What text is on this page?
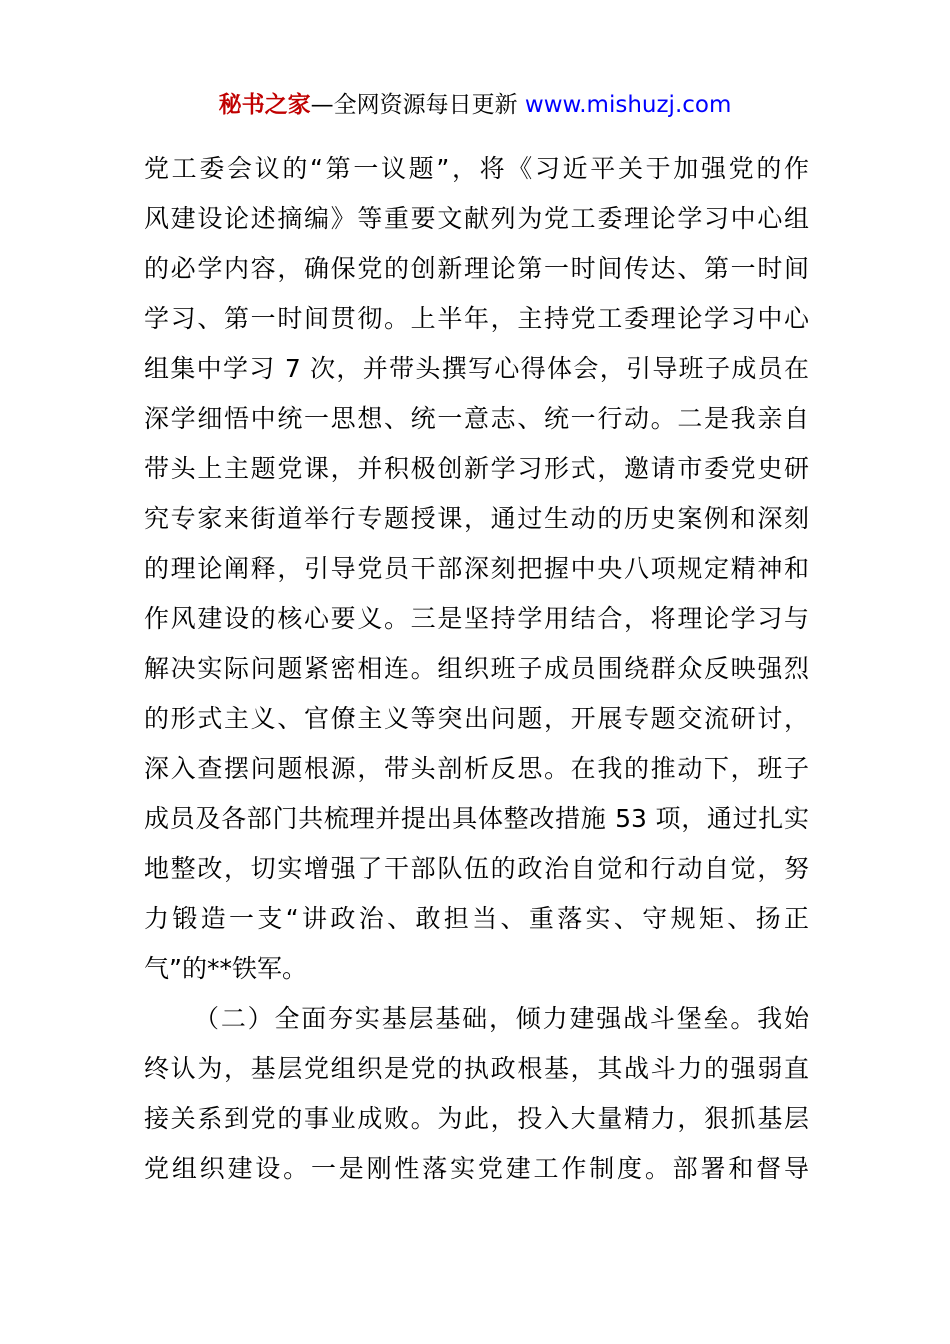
秘书之家—全网资源每日更新 www.mishuzj.com
党工委会议的“第一议题”，将《习近平关于加强党的作
风建设论述摘编》等重要文献列为党工委理论学习中心组
的必学内容，确保党的创新理论第一时间传达、第一时间
学习、第一时间贯彻。上半年，主持党工委理论学习中心
组集中学习 7 次，并带头撰写心得体会，引导班子成员在
深学细悟中统一思想、统一意志、统一行动。二是我亲自
带头上主题党课，并积极创新学习形式，邀请市委党史研
究专家来街道举行专题授课，通过生动的历史案例和深刻
的理论阐释，引导党员干部深刻把握中央八项规定精神和
作风建设的核心要义。三是坚持学用结合，将理论学习与
解决实际问题紧密相连。组织班子成员围绕群众反映强烈
的形式主义、官僚主义等突出问题，开展专题交流研讨，
深入查摆问题根源，带头剖析反思。在我的推动下，班子
成员及各部门共梳理并提出具体整改措施 53 项，通过扎实
地整改，切实增强了干部队伍的政治自觉和行动自觉，努
力锻造一支“讲政治、敢担当、重落实、守规矩、扬正
气”的**铁军。
（二）全面夯实基层基础，倾力建强战斗堡垒。我始
终认为，基层党组织是党的执政根基，其战斗力的强弱直
接关系到党的事业成败。为此，投入大量精力，狠抓基层
党组织建设。一是刚性落实党建工作制度。部署和督导
